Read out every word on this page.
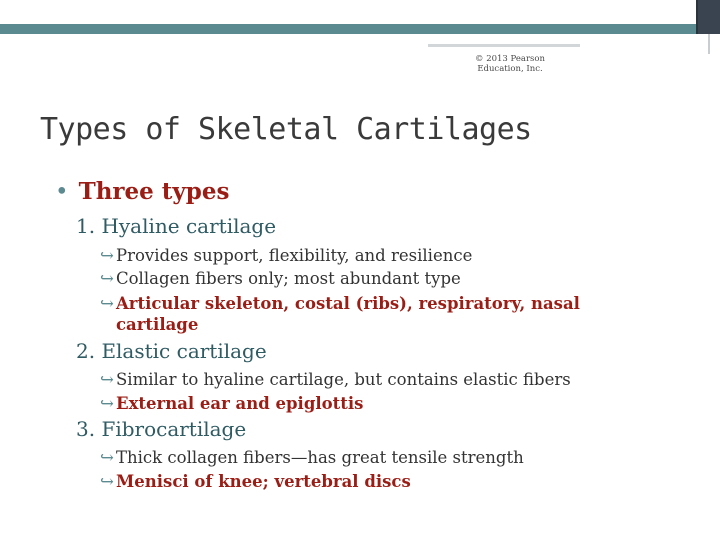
© 2013 Pearson
Education, Inc.
Types of Skeletal Cartilages
• Three types
1. Hyaline cartilage
↪ Provides support, flexibility, and resilience
↪ Collagen fibers only; most abundant type
↪ Articular skeleton, costal (ribs), respiratory, nasal cartilage
2. Elastic cartilage
↪ Similar to hyaline cartilage, but contains elastic fibers
↪ External ear and epiglottis
3. Fibrocartilage
↪ Thick collagen fibers—has great tensile strength
↪ Menisci of knee; vertebral discs
